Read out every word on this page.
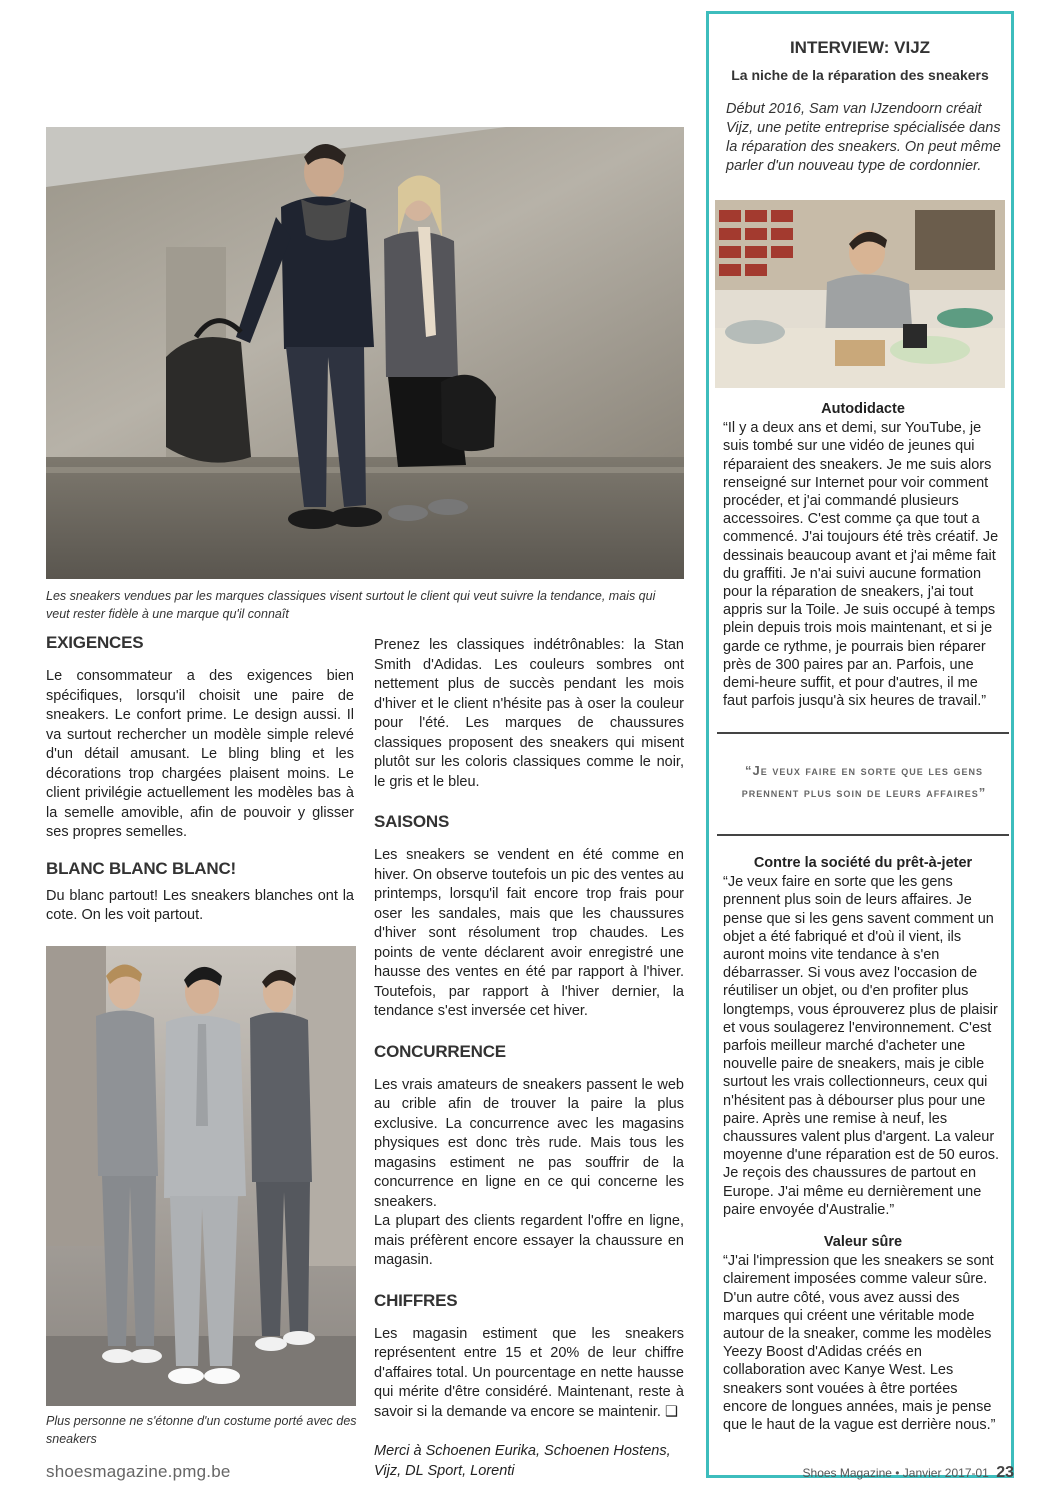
Les sneakers vendues par les marques classiques visent surtout le client qui veut suivre la tendance, mais qui veut rester fidèle à une marque qu'il connaît
EXIGENCES

Le consommateur a des exigences bien spécifiques, lorsqu'il choisit une paire de sneakers. Le confort prime. Le design aussi. Il va surtout rechercher un modèle simple relevé d'un détail amusant. Le bling bling et les décorations trop chargées plaisent moins. Le client privilégie actuellement les modèles bas à la semelle amovible, afin de pouvoir y glisser ses propres semelles.

BLANC BLANC BLANC!

Du blanc partout! Les sneakers blanches ont la cote. On les voit partout.

Plus personne ne s'étonne d'un costume porté avec des sneakers

Prenez les classiques indétrônables: la Stan Smith d'Adidas. Les couleurs sombres ont nettement plus de succès pendant les mois d'hiver et le client n'hésite pas à oser la couleur pour l'été. Les marques de chaussures classiques proposent des sneakers qui misent plutôt sur les coloris classiques comme le noir, le gris et le bleu.

SAISONS

Les sneakers se vendent en été comme en hiver. On observe toutefois un pic des ventes au printemps, lorsqu'il fait encore trop frais pour oser les sandales, mais que les chaussures d'hiver sont résolument trop chaudes. Les points de vente déclarent avoir enregistré une hausse des ventes en été par rapport à l'hiver. Toutefois, par rapport à l'hiver dernier, la tendance s'est inversée cet hiver.

CONCURRENCE

Les vrais amateurs de sneakers passent le web au crible afin de trouver la paire la plus exclusive. La concurrence avec les magasins physiques est donc très rude. Mais tous les magasins estiment ne pas souffrir de la concurrence en ligne en ce qui concerne les sneakers.

La plupart des clients regardent l'offre en ligne, mais préfèrent encore essayer la chaussure en magasin.

CHIFFRES

Les magasin estiment que les sneakers représentent entre 15 et 20% de leur chiffre d'affaires total. Un pourcentage en nette hausse qui mérite d'être considéré. Maintenant, reste à savoir si la demande va encore se maintenir. ❑

Merci à Schoenen Eurika, Schoenen Hostens, Vijz, DL Sport, Lorenti

INTERVIEW: VIJZ
La niche de la réparation des sneakers
Début 2016, Sam van IJzendoorn créait Vijz, une petite entreprise spécialisée dans la réparation des sneakers. On peut même parler d'un nouveau type de cordonnier.
Autodidacte
“Il y a deux ans et demi, sur YouTube, je suis tombé sur une vidéo de jeunes qui réparaient des sneakers. Je me suis alors renseigné sur Internet pour voir comment procéder, et j'ai commandé plusieurs accessoires. C'est comme ça que tout a commencé. J'ai toujours été très créatif. Je dessinais beaucoup avant et j'ai même fait du graffiti. Je n'ai suivi aucune formation pour la réparation de sneakers, j'ai tout appris sur la Toile. Je suis occupé à temps plein depuis trois mois maintenant, et si je garde ce rythme, je pourrais bien réparer près de 300 paires par an. Parfois, une demi-heure suffit, et pour d'autres, il me faut parfois jusqu'à six heures de travail.”
“Je veux faire en sorte que les gens prennent plus soin de leurs affaires”
Contre la société du prêt-à-jeter
“Je veux faire en sorte que les gens prennent plus soin de leurs affaires. Je pense que si les gens savent comment un objet a été fabriqué et d'où il vient, ils auront moins vite tendance à s'en débarrasser. Si vous avez l'occasion de réutiliser un objet, ou d'en profiter plus longtemps, vous éprouverez plus de plaisir et vous soulagerez l'environnement. C'est parfois meilleur marché d'acheter une nouvelle paire de sneakers, mais je cible surtout les vrais collectionneurs, ceux qui n'hésitent pas à débourser plus pour une paire. Après une remise à neuf, les chaussures valent plus d'argent. La valeur moyenne d'une réparation est de 50 euros. Je reçois des chaussures de partout en Europe. J'ai même eu dernièrement une paire envoyée d'Australie.”
Valeur sûre
“J'ai l'impression que les sneakers se sont clairement imposées comme valeur sûre. D'un autre côté, vous avez aussi des marques qui créent une véritable mode autour de la sneaker, comme les modèles Yeezy Boost d'Adidas créés en collaboration avec Kanye West. Les sneakers sont vouées à être portées encore de longues années, mais je pense que le haut de la vague est derrière nous.”
shoesmagazine.pmg.be	Shoes Magazine • Janvier 2017-01 23
